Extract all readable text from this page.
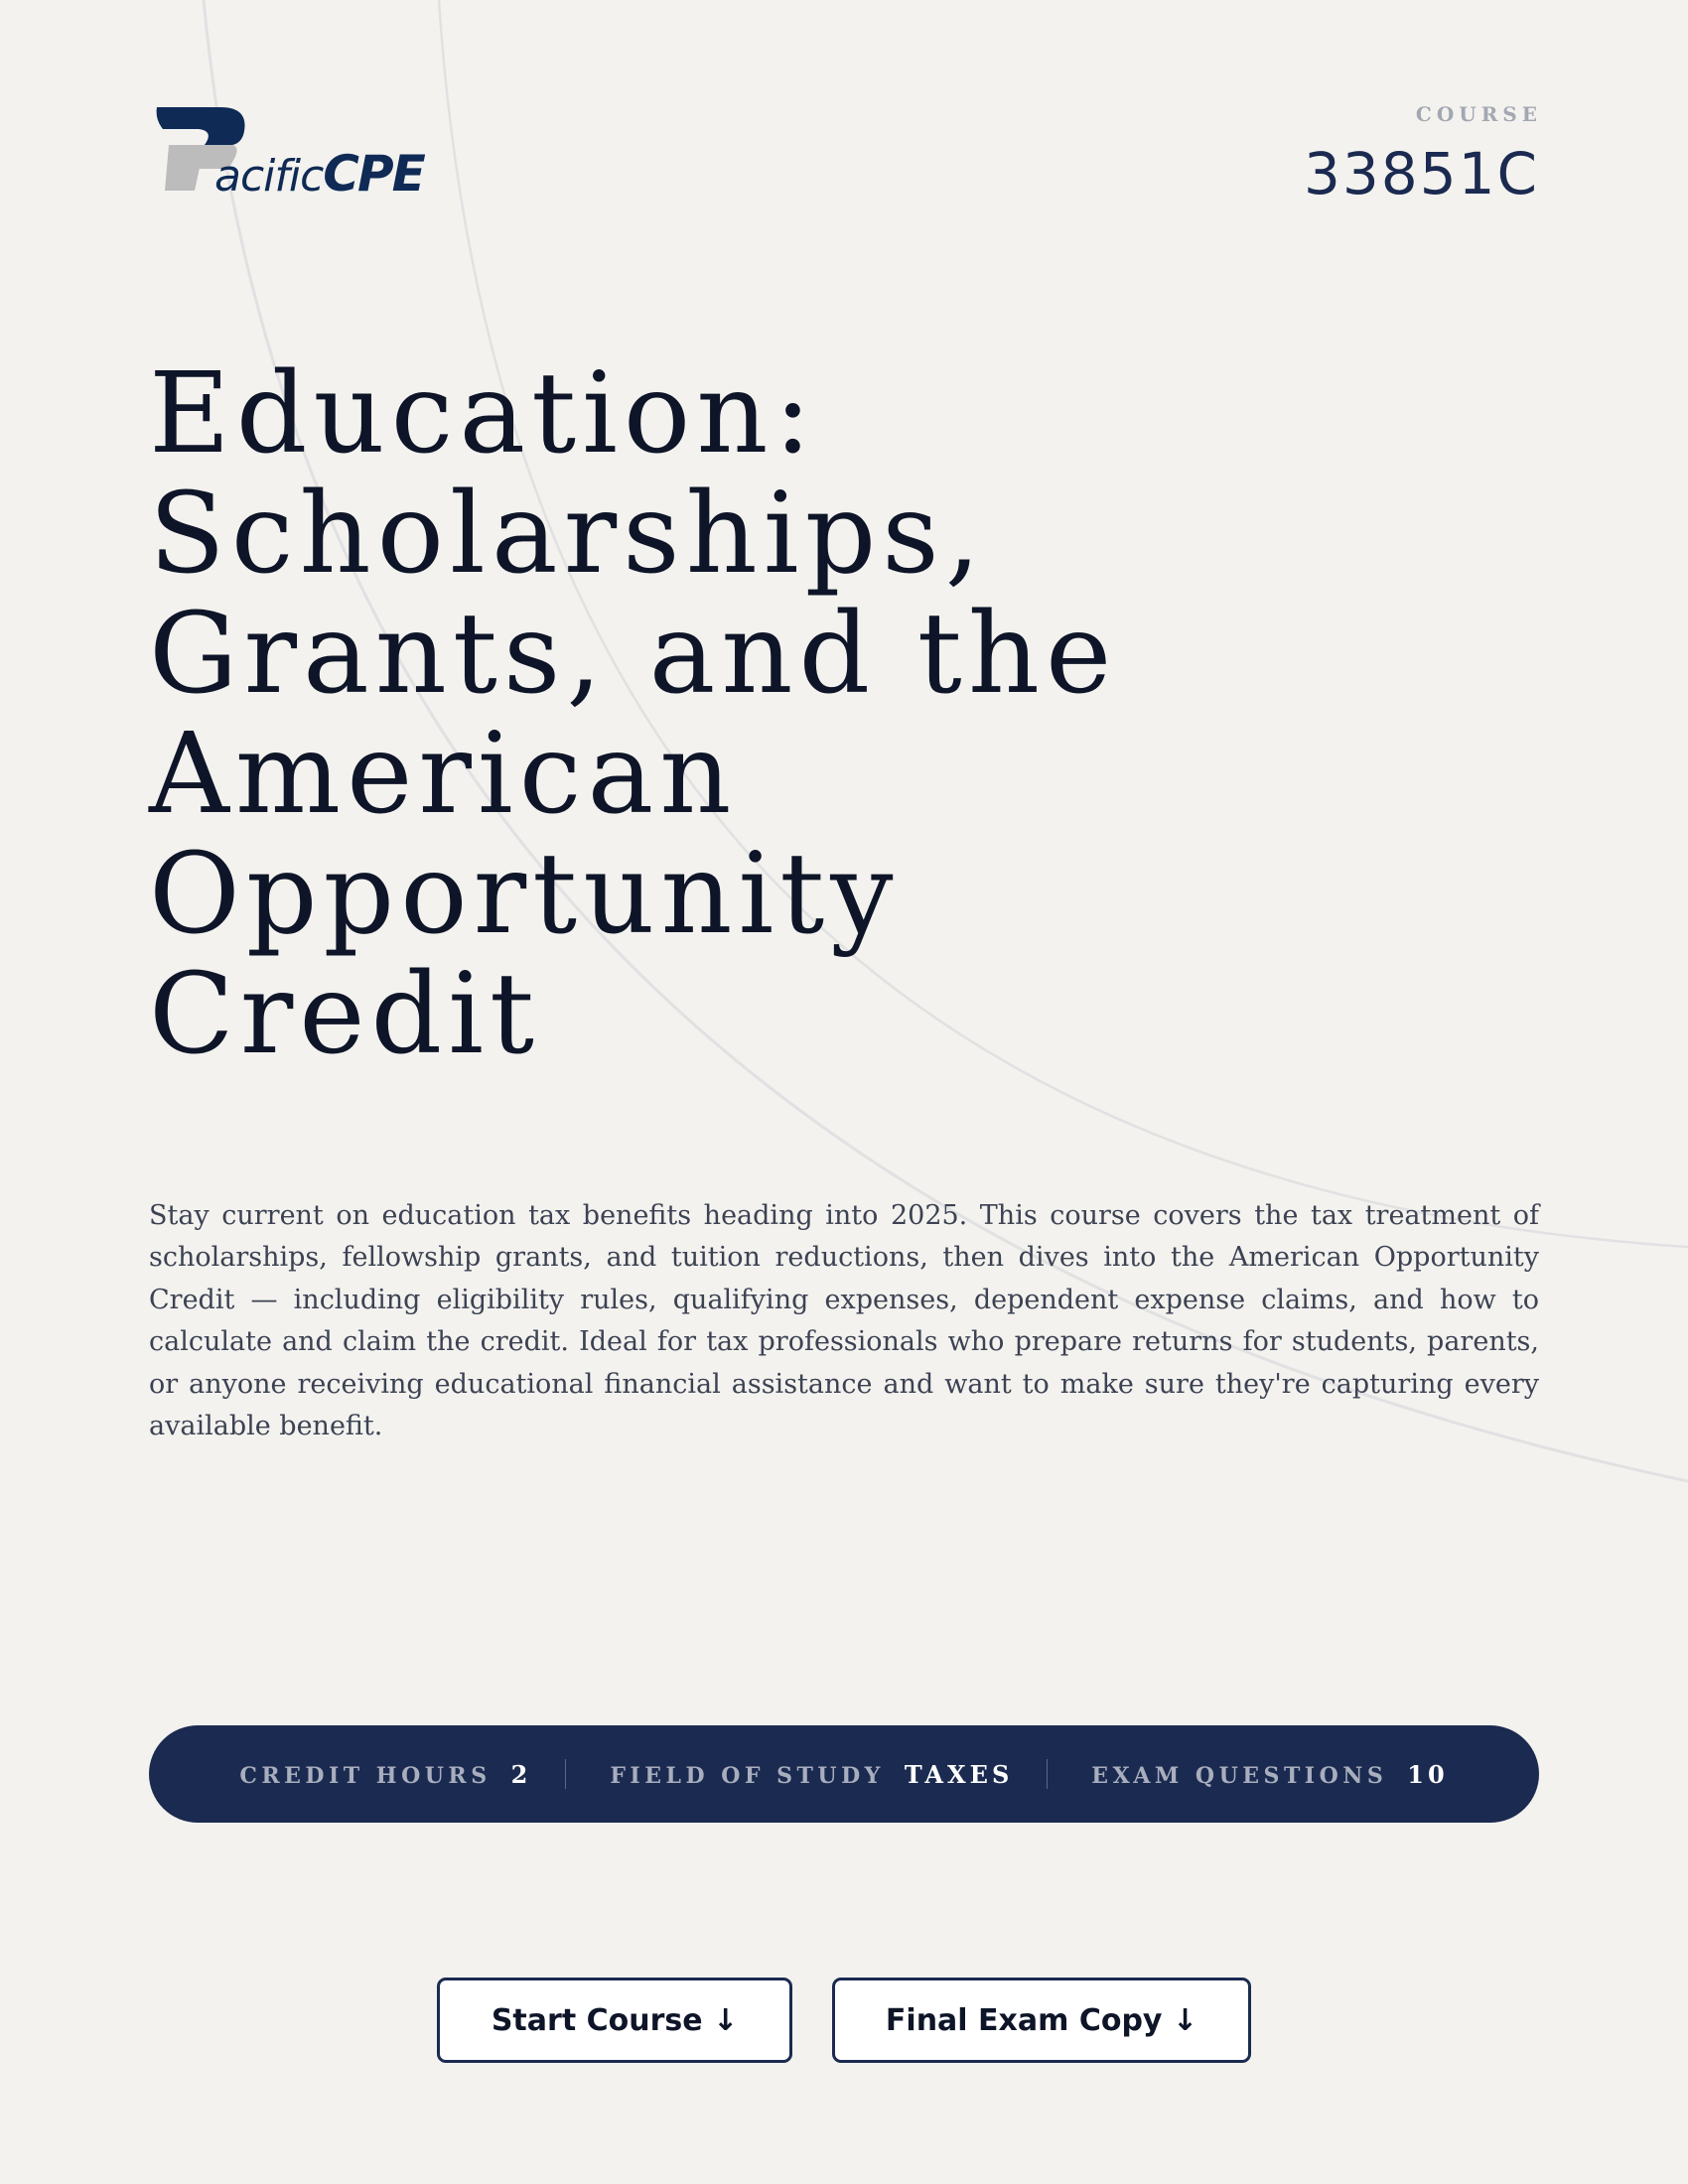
acificCPE
COURSE
33851C
Education: Scholarships, Grants, and the American Opportunity Credit

Stay current on education tax benefits heading into 2025. This course covers the tax treatment of scholarships, fellowship grants, and tuition reductions, then dives into the American Opportunity Credit — including eligibility rules, qualifying expenses, dependent expense claims, and how to calculate and claim the credit. Ideal for tax professionals who prepare returns for students, parents, or anyone receiving educational financial assistance and want to make sure they're capturing every available benefit.

CREDIT HOURS 2	FIELD OF STUDY TAXES	EXAM QUESTIONS 10
Start Course ↓	Final Exam Copy ↓
